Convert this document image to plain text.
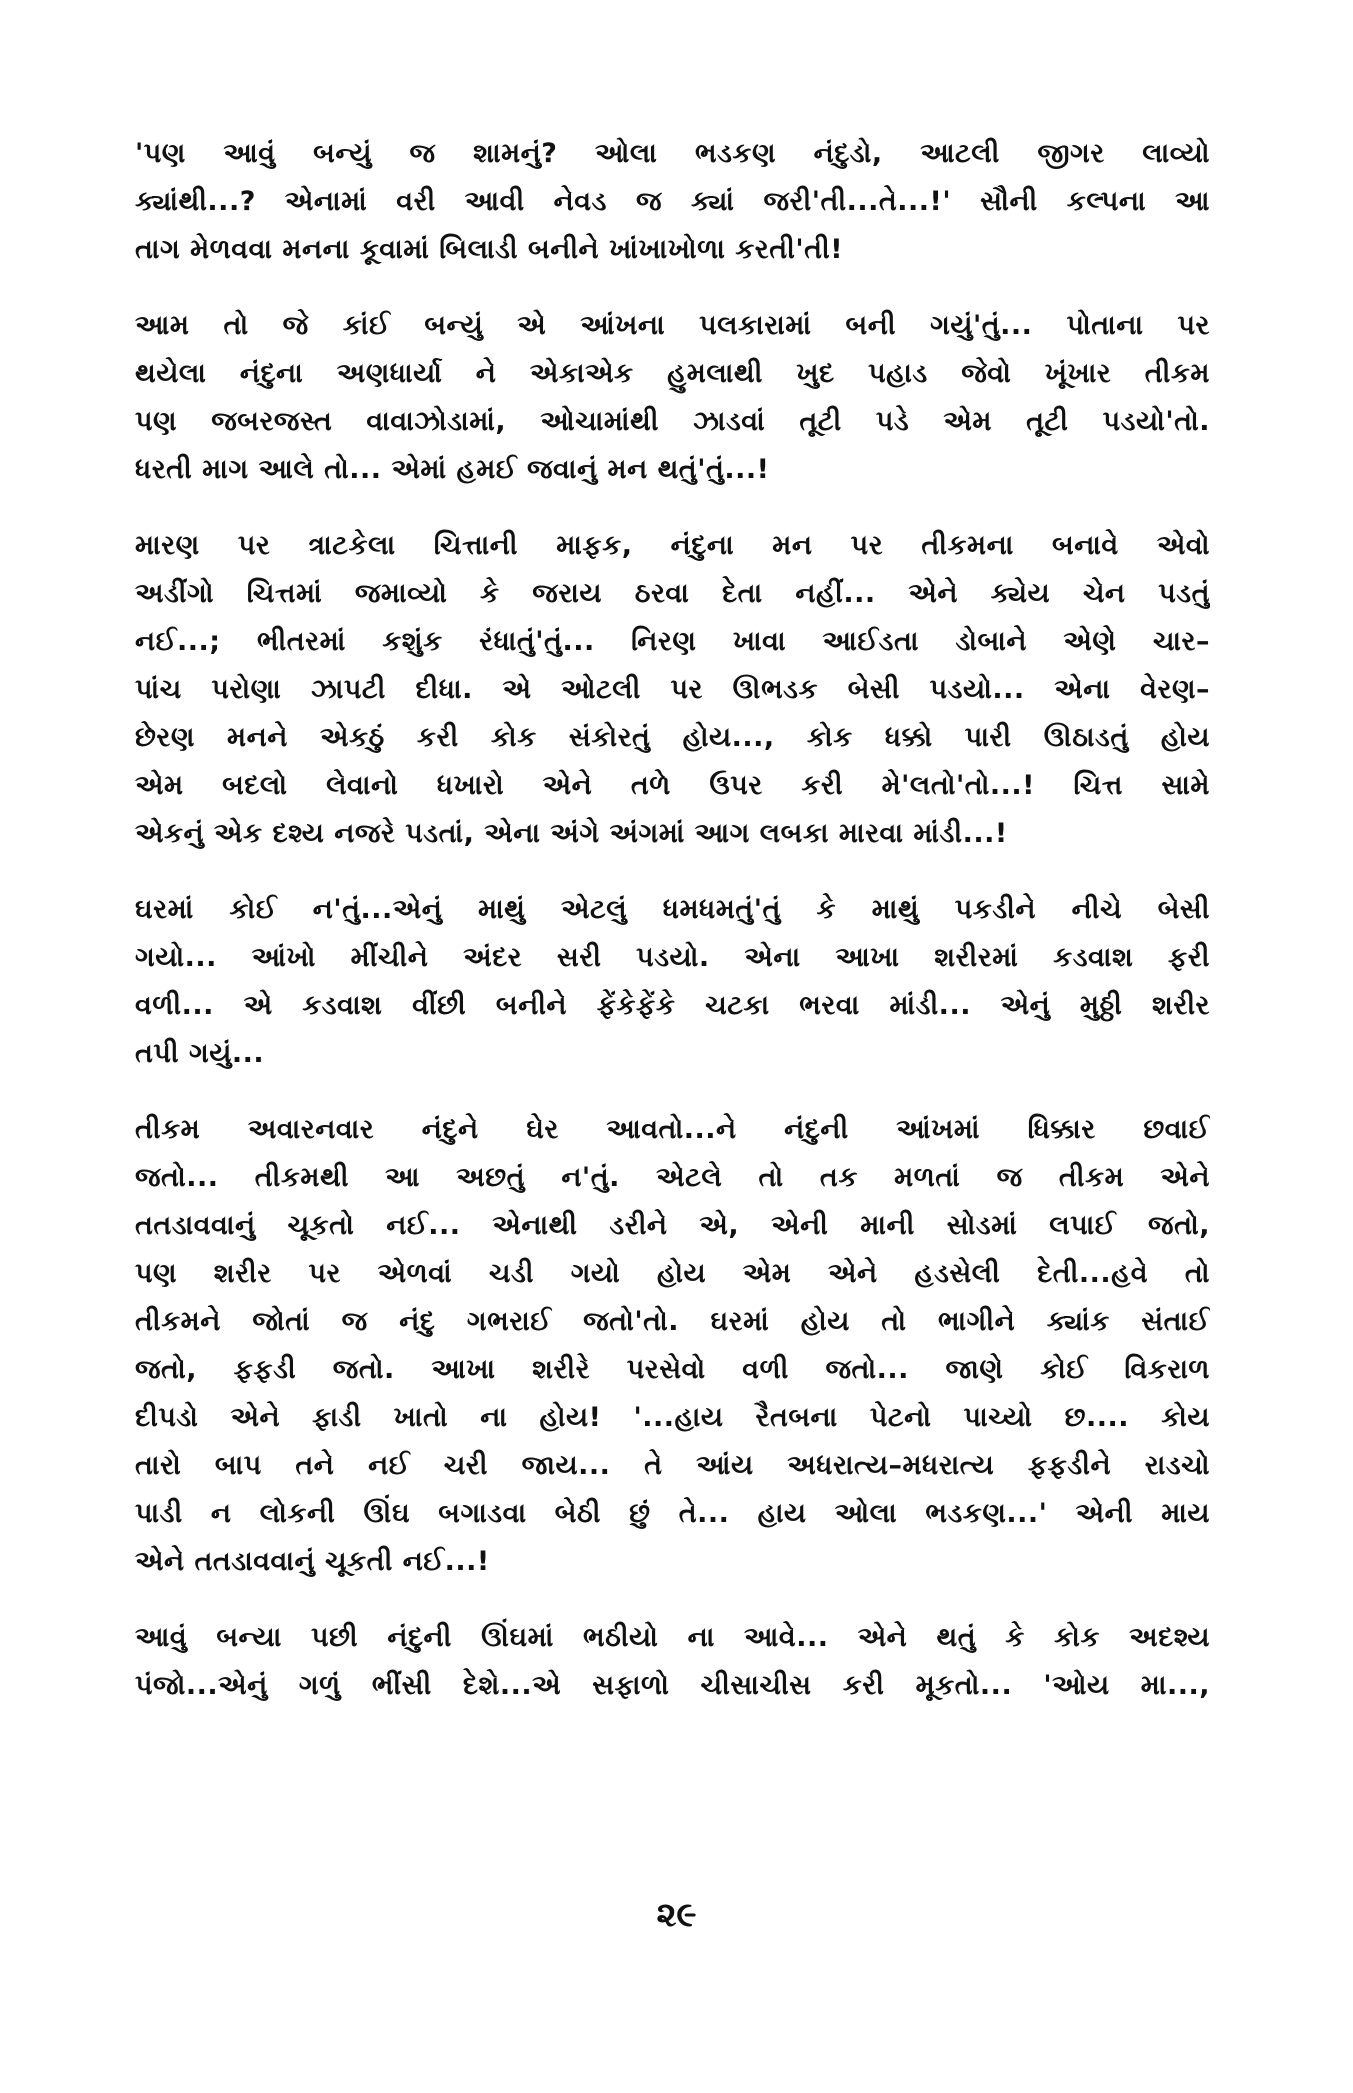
'પણ આવું બન્યું જ શામનું? ઓલા ભડકણ નંદુડો, આટલી જીગર લાવ્યો
ક્યાંથી...? એનામાં વરી આવી નેવડ જ ક્યાં જરી'તી...તે...!' સૌની કલ્પના આ
તાગ મેળવવા મનના કૂવામાં બિલાડી બનીને ખાંખાખોળા કરતી'તી!
આમ તો જે કાંઈ બન્યું એ આંખના પલકારામાં બની ગયું'તું... પોતાના પર
થયેલા નંદુના અણધાર્યા ને એકાએક હુમલાથી ખુદ પહાડ જેવો ખૂંખાર તીકમ
પણ જબરજસ્ત વાવાઝોડામાં, ઓચામાંથી ઝાડવાં તૂટી પડે એમ તૂટી પડયો'તો.
ધરતી માગ આલે તો... એમાં હમઈ જવાનું મન થતું'તું...!
મારણ પર ત્રાટકેલા ચિત્તાની માફક, નંદુના મન પર તીકમના બનાવે એવો
અડીંગો ચિત્તમાં જમાવ્યો કે જરાય ઠરવા દેતા નહીં... એને ક્યેય ચેન પડતું
નઈ...; ભીતરમાં કશુંક રંધાતું'તું... નિરણ ખાવા આઈડતા ડોબાને એણે ચાર–
પાંચ પરોણા ઝાપટી દીધા. એ ઓટલી પર ઊભડક બેસી પડયો... એના વેરણ–
છેરણ મનને એકઠું કરી કોક સંકોરતું હોય..., કોક ધક્કો પારી ઊઠાડતું હોય
એમ બદલો લેવાનો ધખારો એને તળે ઉપર કરી મે'લતો'તો...! ચિત્ત સામે
એકનું એક દશ્ય નજરે પડતાં, એના અંગે અંગમાં આગ લબકા મારવા માંડી...!
ઘરમાં કોઈ ન'તું...એનું માથું એટલું ધમધમતું'તું કે માથું પકડીને નીચે બેસી
ગયો... આંખો મીંચીને અંદર સરી પડયો. એના આખા શરીરમાં કડવાશ ફરી
વળી... એ કડવાશ વીંછી બનીને ફેંકેફેંકે ચટકા ભરવા માંડી... એનું મુઠ્ઠી શરીર
તપી ગયું...
તીકમ અવારનવાર નંદુને ઘેર આવતો...ને નંદુની આંખમાં ધિક્કાર છવાઈ
જતો... તીકમથી આ અછતું ન'તું. એટલે તો તક મળતાં જ તીકમ એને
તતડાવવાનું ચૂકતો નઈ... એનાથી ડરીને એ, એની માની સોડમાં લપાઈ જતો,
પણ શરીર પર એળવાં ચડી ગયો હોય એમ એને હડસેલી દેતી...હવે તો
તીકમને જોતાં જ નંદુ ગભરાઈ જતો'તો. ઘરમાં હોય તો ભાગીને ક્યાંક સંતાઈ
જતો, ફફડી જતો. આખા શરીરે પરસેવો વળી જતો... જાણે કોઈ વિકરાળ
દીપડો એને ફાડી ખાતો ના હોય! '...હાય રૈતબના પેટનો પાચ્યો છ.... કોય
તારો બાપ તને નઈ ચરી જાય... તે આંય અધરાત્ય–મધરાત્ય ફફડીને રાડચો
પાડી ન લોકની ઊંઘ બગાડવા બેઠી છું તે... હાય ઓલા ભડકણ...' એની માય
એને તતડાવવાનું ચૂકતી નઈ...!
આવું બન્યા પછી નંદુની ઊંઘમાં ભઠીયો ના આવે... એને થતું કે કોક અદશ્ય
પંજો...એનું ગળું ભીંસી દેશે...એ સફાળો ચીસાચીસ કરી મૂકતો... 'ઓય મા...,
૨૯
